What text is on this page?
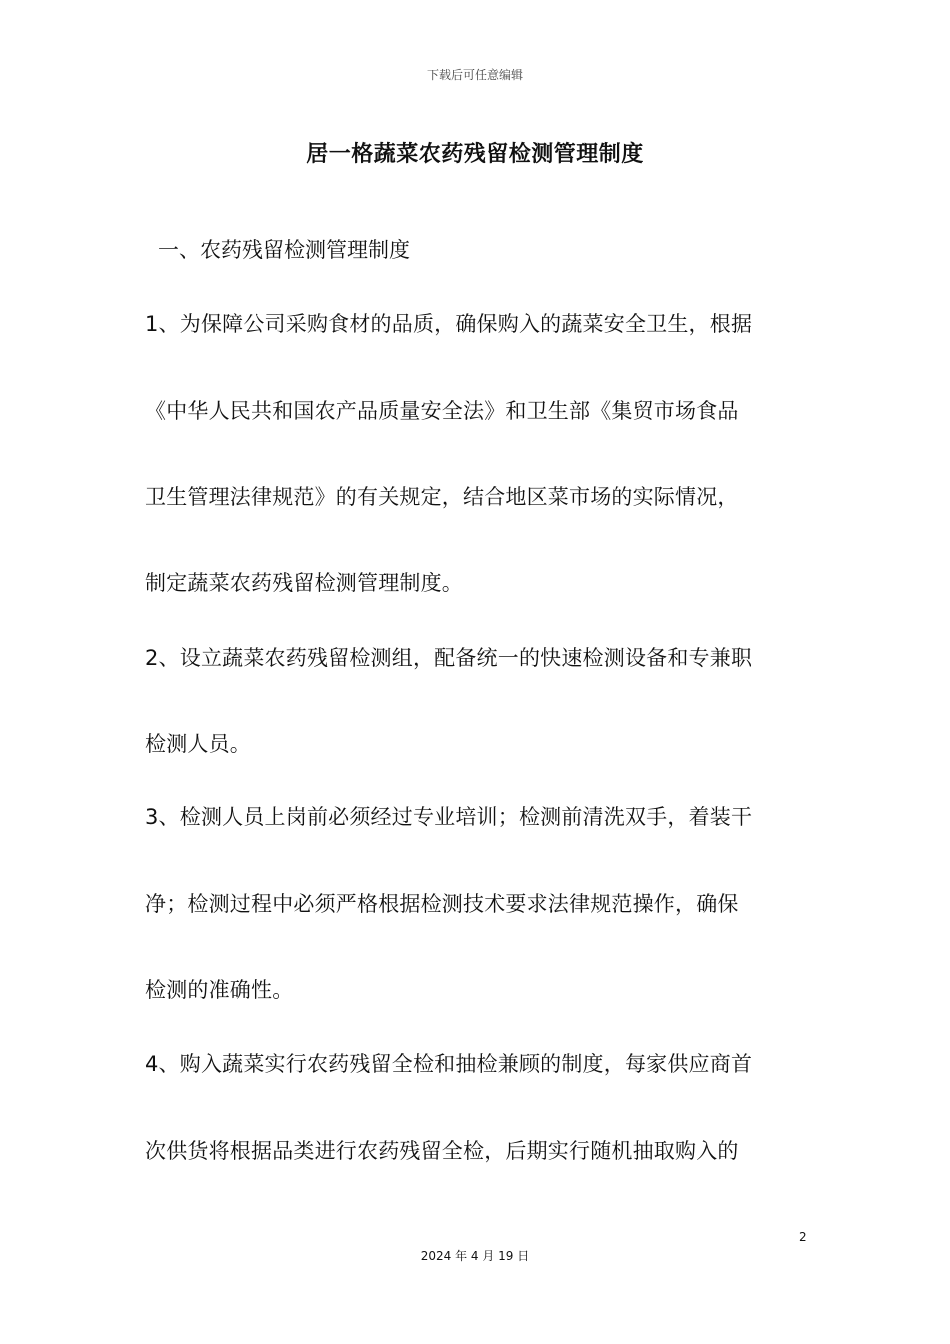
下载后可任意编辑
居一格蔬菜农药残留检测管理制度
一、农药残留检测管理制度
1、为保障公司采购食材的品质，确保购入的蔬菜安全卫生，根据
《中华人民共和国农产品质量安全法》和卫生部《集贸市场食品
卫生管理法律规范》的有关规定，结合地区菜市场的实际情况，
制定蔬菜农药残留检测管理制度。
2、设立蔬菜农药残留检测组，配备统一的快速检测设备和专兼职
检测人员。
3、检测人员上岗前必须经过专业培训；检测前清洗双手，着装干
净；检测过程中必须严格根据检测技术要求法律规范操作，确保
检测的准确性。
4、购入蔬菜实行农药残留全检和抽检兼顾的制度，每家供应商首
次供货将根据品类进行农药残留全检，后期实行随机抽取购入的
2
2024 年 4 月 19 日
